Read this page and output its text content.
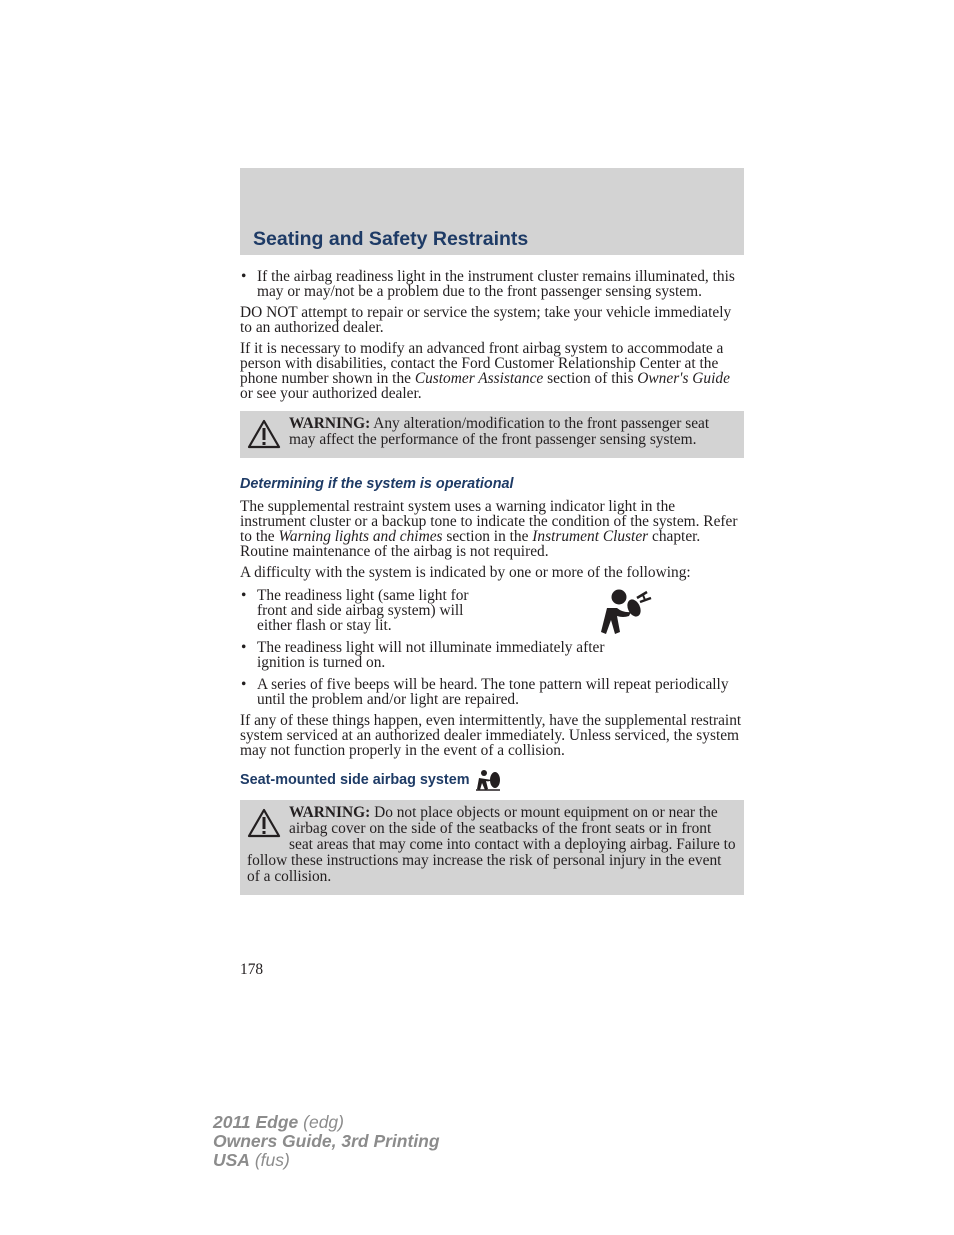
Seating and Safety Restraints
• If the airbag readiness light in the instrument cluster remains illuminated, this may or may/not be a problem due to the front passenger sensing system.

DO NOT attempt to repair or service the system; take your vehicle immediately to an authorized dealer.

If it is necessary to modify an advanced front airbag system to accommodate a person with disabilities, contact the Ford Customer Relationship Center at the phone number shown in the Customer Assistance section of this Owner's Guide or see your authorized dealer.

WARNING: Any alteration/modification to the front passenger seat may affect the performance of the front passenger sensing system.
Determining if the system is operational

The supplemental restraint system uses a warning indicator light in the instrument cluster or a backup tone to indicate the condition of the system. Refer to the Warning lights and chimes section in the Instrument Cluster chapter. Routine maintenance of the airbag is not required.

A difficulty with the system is indicated by one or more of the following:

• The readiness light (same light for front and side airbag system) will either flash or stay lit.
• The readiness light will not illuminate immediately after ignition is turned on.
• A series of five beeps will be heard. The tone pattern will repeat periodically until the problem and/or light are repaired.

If any of these things happen, even intermittently, have the supplemental restraint system serviced at an authorized dealer immediately. Unless serviced, the system may not function properly in the event of a collision.

Seat-mounted side airbag system
WARNING: Do not place objects or mount equipment on or near the airbag cover on the side of the seatbacks of the front seats or in front seat areas that may come into contact with a deploying airbag. Failure to follow these instructions may increase the risk of personal injury in the event of a collision.
178
2011 Edge (edg)
Owners Guide, 3rd Printing
USA (fus)
